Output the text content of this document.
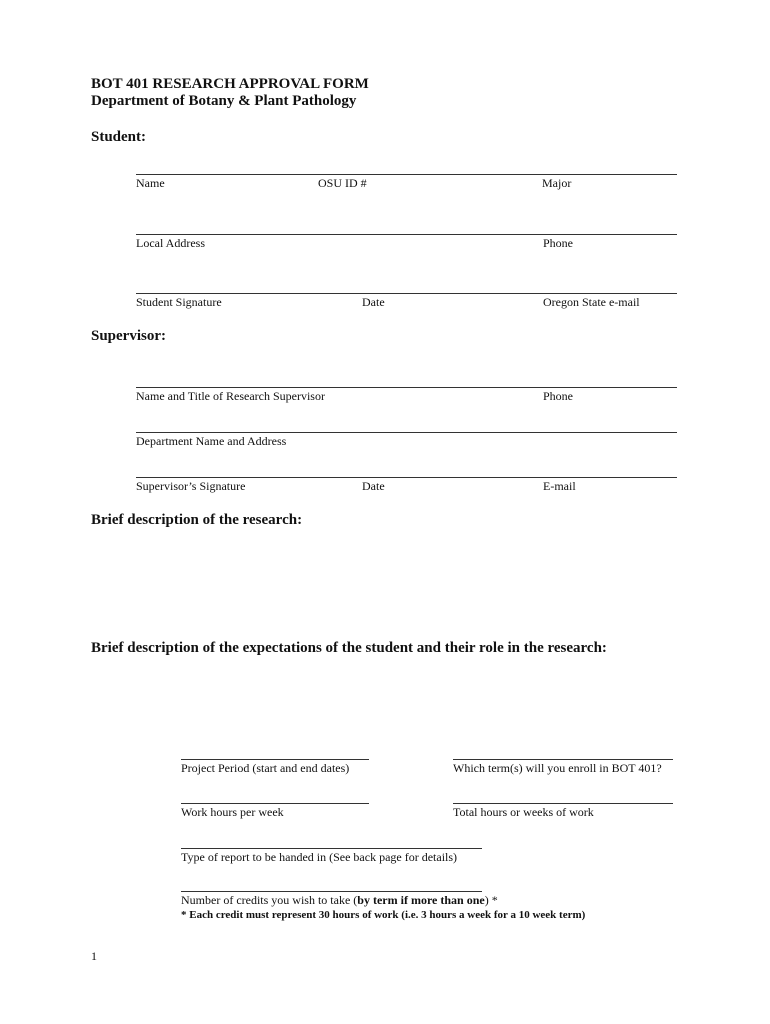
BOT 401 RESEARCH APPROVAL FORM
Department of Botany & Plant Pathology
Student:
Name	OSU ID #	Major
Local Address	Phone
Student Signature	Date	Oregon State e-mail
Supervisor:
Name and Title of Research Supervisor	Phone
Department Name and Address
Supervisor’s Signature	Date	E-mail
Brief description of the research:
Brief description of the expectations of the student and their role in the research:
Project Period (start and end dates)	Which term(s) will you enroll in BOT 401?
Work hours per week	Total hours or weeks of work
Type of report to be handed in (See back page for details)
Number of credits you wish to take (by term if more than one) *
* Each credit must represent 30 hours of work (i.e. 3 hours a week for a 10 week term)
1
